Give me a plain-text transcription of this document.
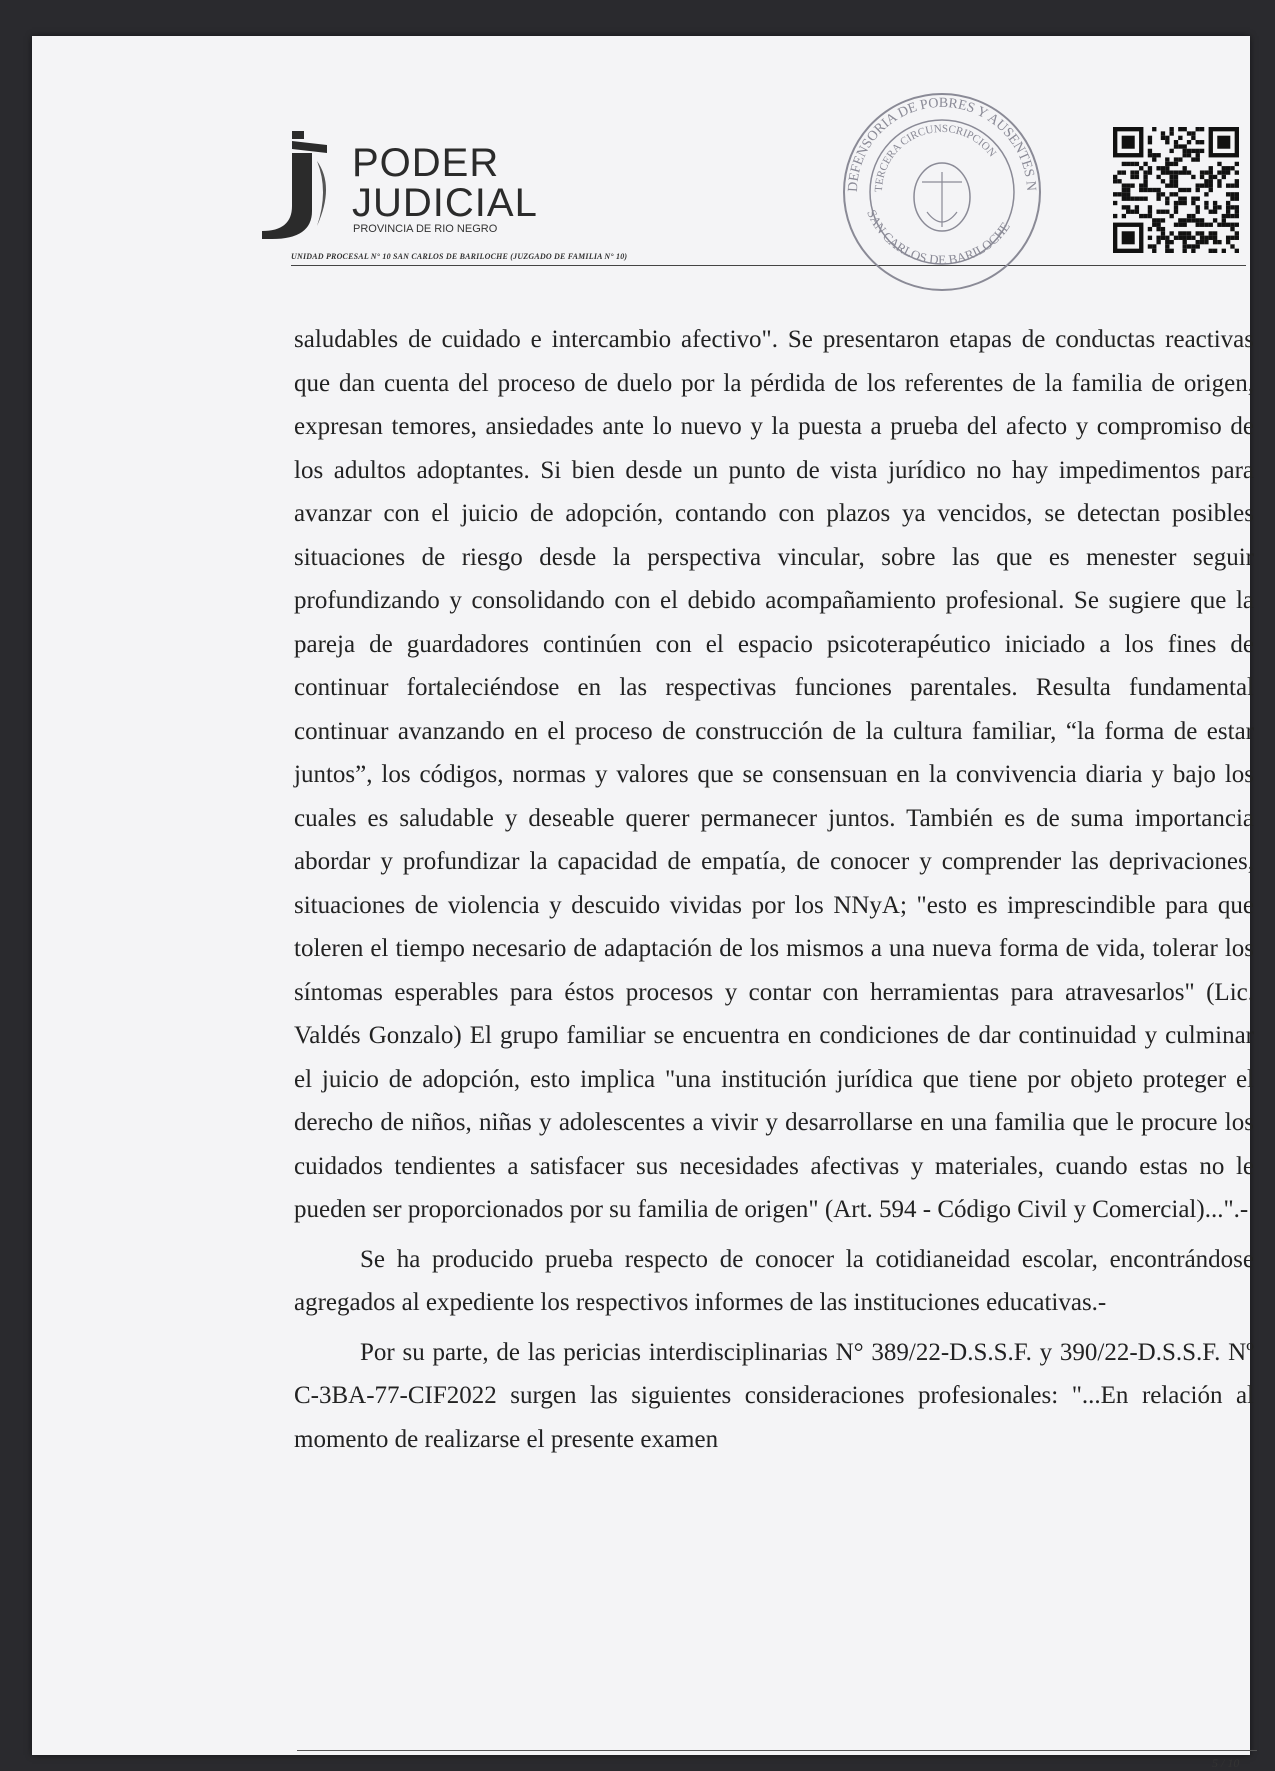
PODER
JUDICIAL
PROVINCIA DE RIO NEGRO
UNIDAD PROCESAL N° 10 SAN CARLOS DE BARILOCHE (JUZGADO DE FAMILIA N° 10)
DEFENSORIA DE POBRES Y AUSENTES N
TERCERA CIRCUNSCRIPCION
SAN CARLOS DE BARILOCHE

saludables de cuidado e intercambio afectivo". Se presentaron etapas de conductas reactivas que dan cuenta del proceso de duelo por la pérdida de los referentes de la familia de origen, expresan temores, ansiedades ante lo nuevo y la puesta a prueba del afecto y compromiso de los adultos adoptantes. Si bien desde un punto de vista jurídico no hay impedimentos para avanzar con el juicio de adopción, contando con plazos ya vencidos, se detectan posibles situaciones de riesgo desde la perspectiva vincular, sobre las que es menester seguir profundizando y consolidando con el debido acompañamiento profesional. Se sugiere que la pareja de guardadores continúen con el espacio psicoterapéutico iniciado a los fines de continuar fortaleciéndose en las respectivas funciones parentales. Resulta fundamental continuar avanzando en el proceso de construcción de la cultura familiar, “la forma de estar juntos”, los códigos, normas y valores que se consensuan en la convivencia diaria y bajo los cuales es saludable y deseable querer permanecer juntos. También es de suma importancia abordar y profundizar la capacidad de empatía, de conocer y comprender las deprivaciones, situaciones de violencia y descuido vividas por los NNyA; "esto es imprescindible para que toleren el tiempo necesario de adaptación de los mismos a una nueva forma de vida, tolerar los síntomas esperables para éstos procesos y contar con herramientas para atravesarlos" (Lic. Valdés Gonzalo) El grupo familiar se encuentra en condiciones de dar continuidad y culminar el juicio de adopción, esto implica "una institución jurídica que tiene por objeto proteger el derecho de niños, niñas y adolescentes a vivir y desarrollarse en una familia que le procure los cuidados tendientes a satisfacer sus necesidades afectivas y materiales, cuando estas no le pueden ser proporcionados por su familia de origen" (Art. 594 - Código Civil y Comercial)...".-

Se ha producido prueba respecto de conocer la cotidianeidad escolar, encontrándose agregados al expediente los respectivos informes de las instituciones educativas.-

Por su parte, de las pericias interdisciplinarias N° 389/22-D.S.S.F. y 390/22-D.S.S.F. Nº C-3BA-77-CIF2022 surgen las siguientes consideraciones profesionales: "...En relación al momento de realizarse el presente examen

5 / 10
